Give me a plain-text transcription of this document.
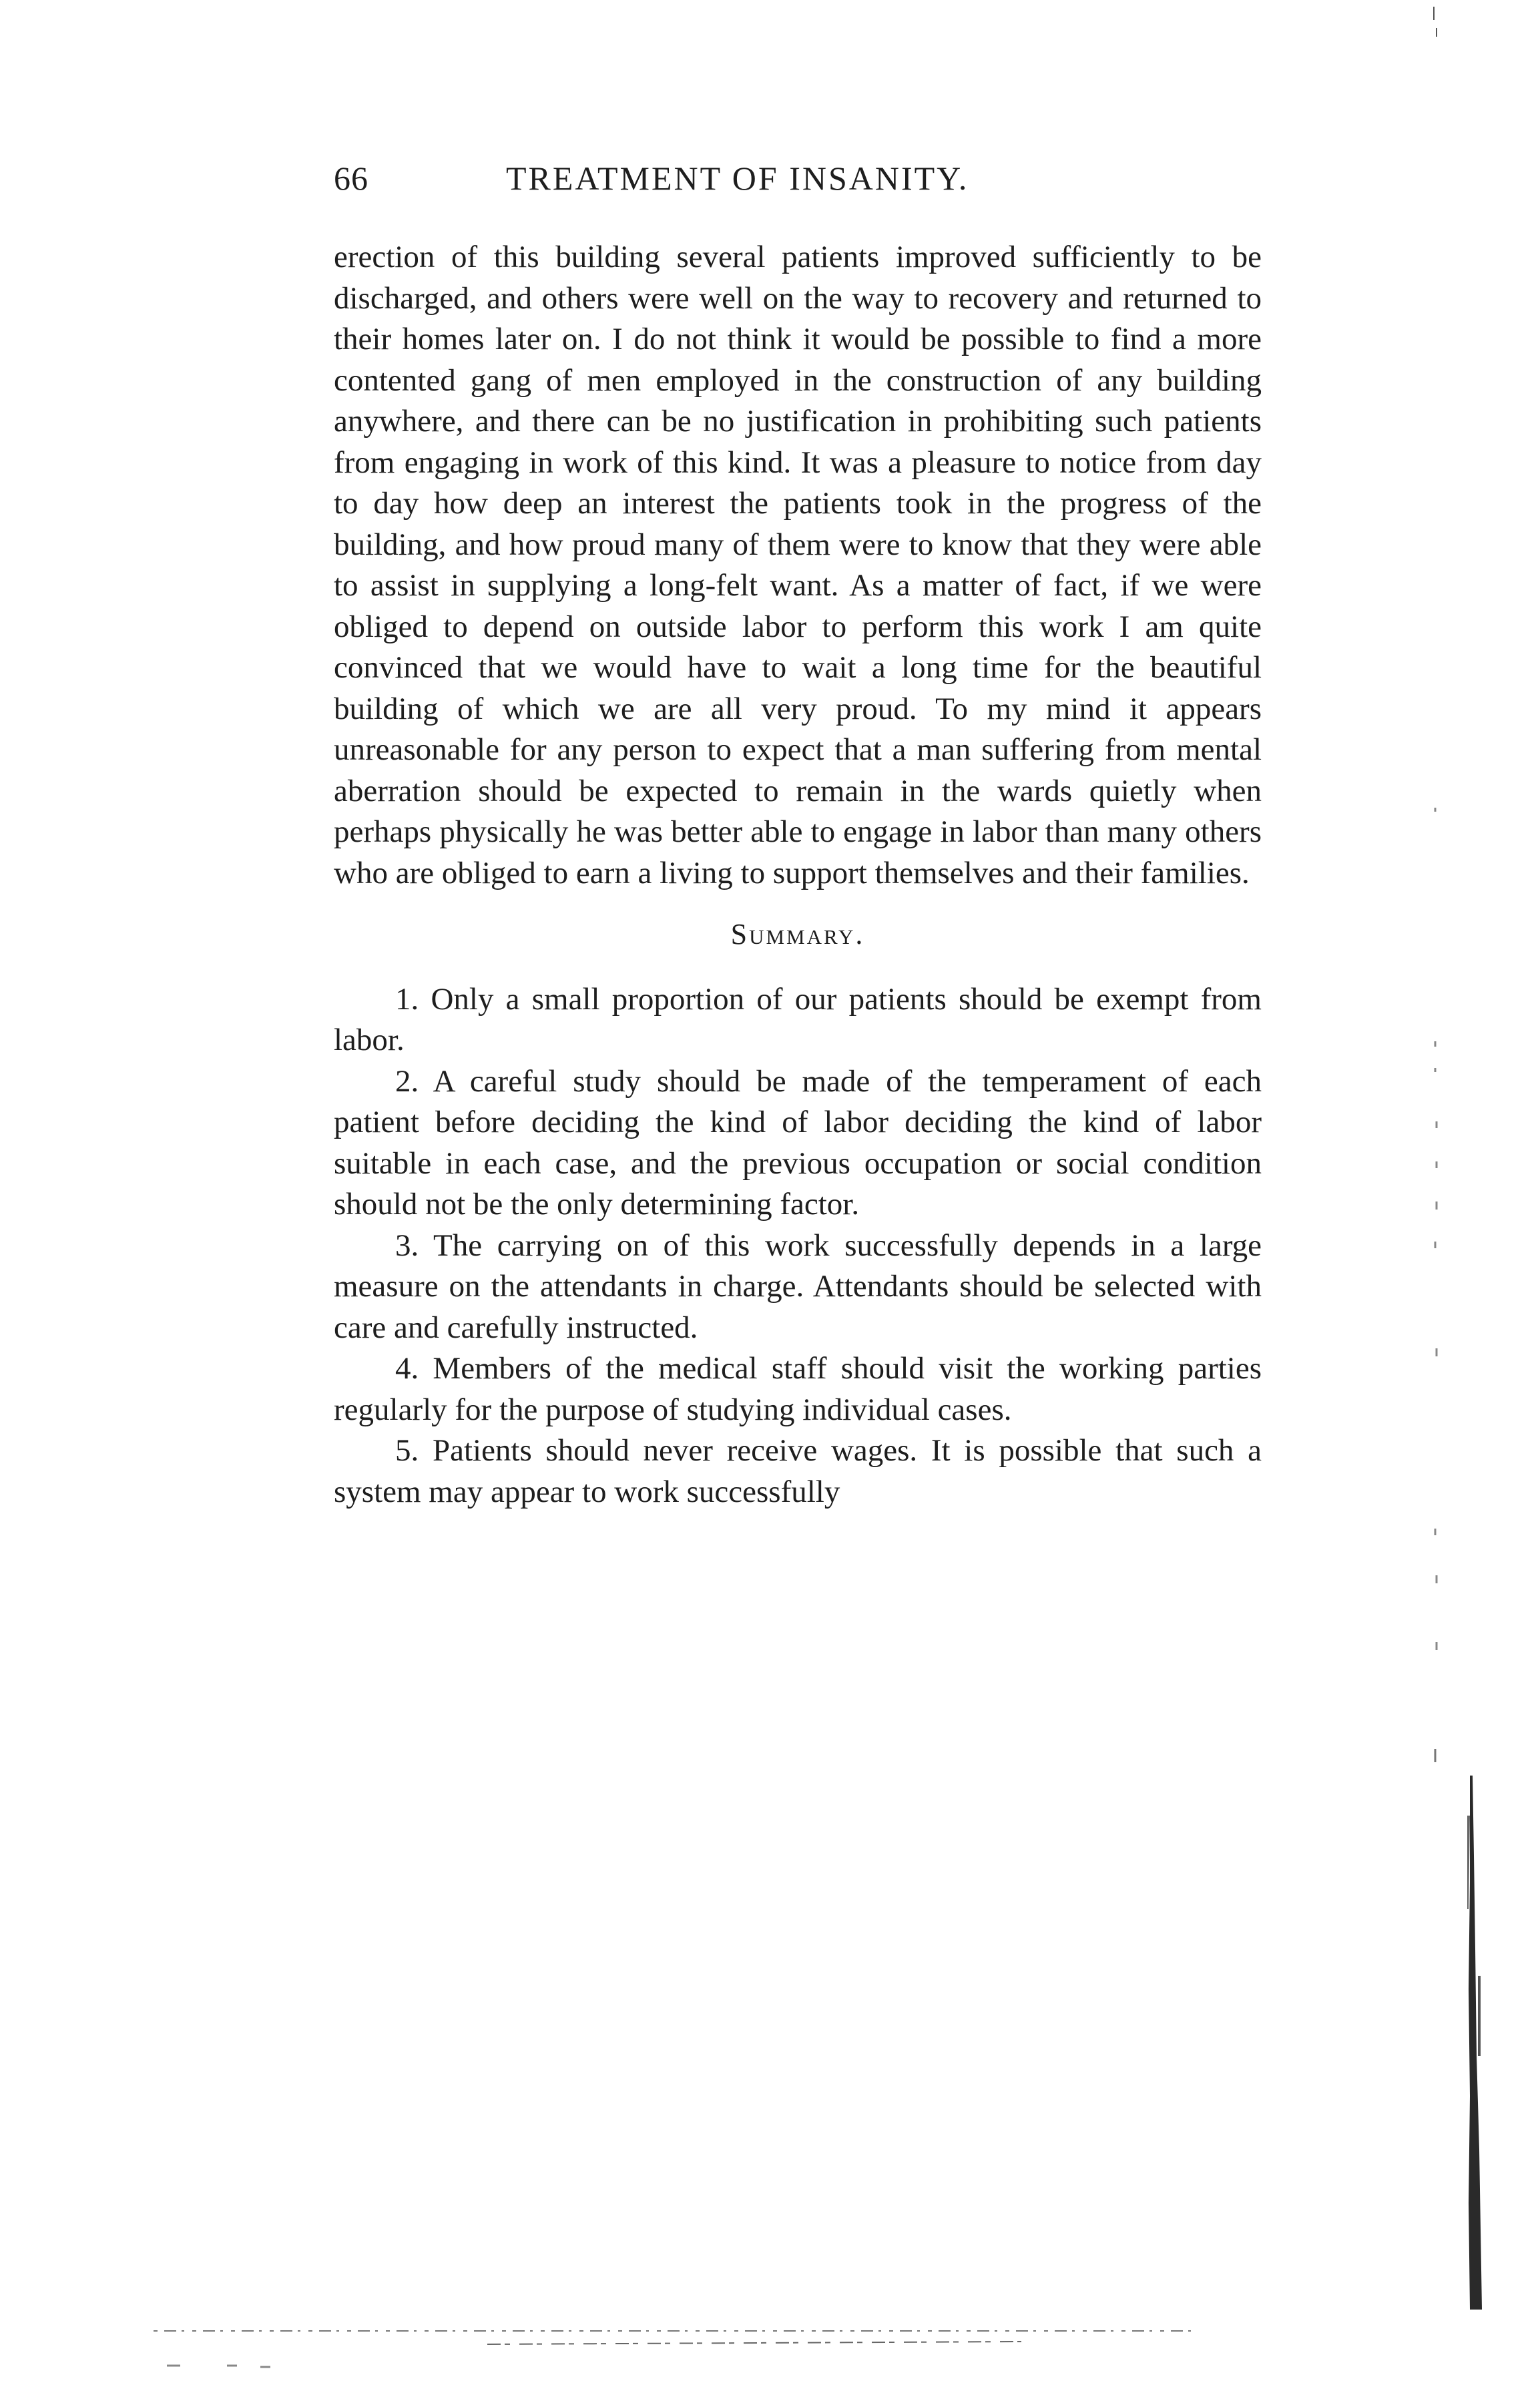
66	TREATMENT OF INSANITY.

erection of this building several patients improved sufficiently to be discharged, and others were well on the way to recovery and returned to their homes later on. I do not think it would be possible to find a more contented gang of men employed in the construction of any building anywhere, and there can be no justification in prohibiting such patients from engaging in work of this kind. It was a pleasure to notice from day to day how deep an interest the patients took in the progress of the building, and how proud many of them were to know that they were able to assist in supplying a long-felt want. As a matter of fact, if we were obliged to depend on outside labor to perform this work I am quite convinced that we would have to wait a long time for the beautiful building of which we are all very proud. To my mind it appears unreasonable for any person to expect that a man suffering from mental aberration should be expected to remain in the wards quietly when perhaps physically he was better able to engage in labor than many others who are obliged to earn a living to support themselves and their families.

Summary.

1. Only a small proportion of our patients should be exempt from labor.

2. A careful study should be made of the temperament of each patient before deciding the kind of labor deciding the kind of labor suitable in each case, and the previous occupation or social condition should not be the only determining factor.

3. The carrying on of this work successfully depends in a large measure on the attendants in charge. Attendants should be selected with care and carefully instructed.

4. Members of the medical staff should visit the working parties regularly for the purpose of studying individual cases.

5. Patients should never receive wages. It is possible that such a system may appear to work successfully
